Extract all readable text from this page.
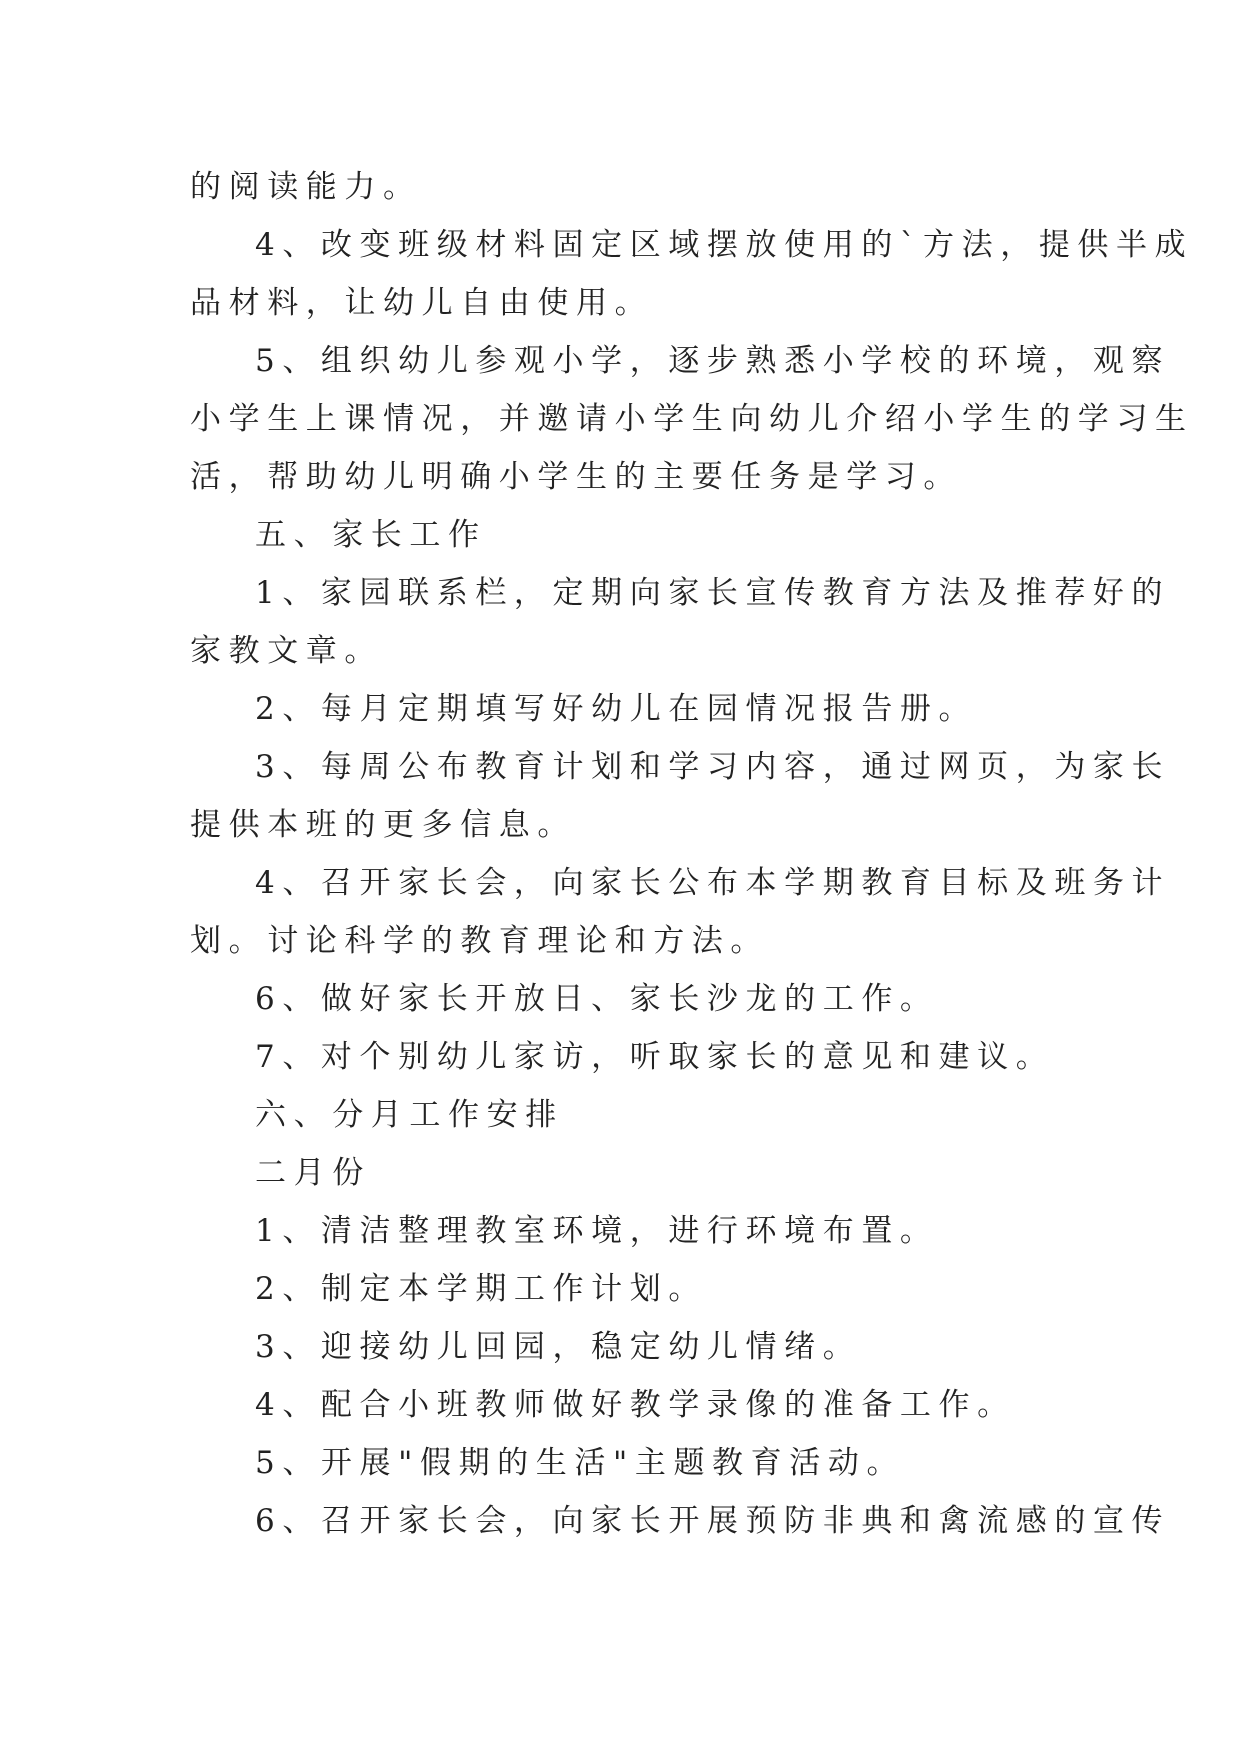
的阅读能力。

4、改变班级材料固定区域摆放使用的`方法，提供半成

品材料，让幼儿自由使用。

5、组织幼儿参观小学，逐步熟悉小学校的环境，观察

小学生上课情况，并邀请小学生向幼儿介绍小学生的学习生

活，帮助幼儿明确小学生的主要任务是学习。

五、家长工作

1、家园联系栏，定期向家长宣传教育方法及推荐好的

家教文章。

2、每月定期填写好幼儿在园情况报告册。

3、每周公布教育计划和学习内容，通过网页，为家长

提供本班的更多信息。

4、召开家长会，向家长公布本学期教育目标及班务计

划。讨论科学的教育理论和方法。

6、做好家长开放日、家长沙龙的工作。

7、对个别幼儿家访，听取家长的意见和建议。

六、分月工作安排

二月份

1、清洁整理教室环境，进行环境布置。

2、制定本学期工作计划。

3、迎接幼儿回园，稳定幼儿情绪。

4、配合小班教师做好教学录像的准备工作。

5、开展"假期的生活"主题教育活动。

6、召开家长会，向家长开展预防非典和禽流感的宣传
